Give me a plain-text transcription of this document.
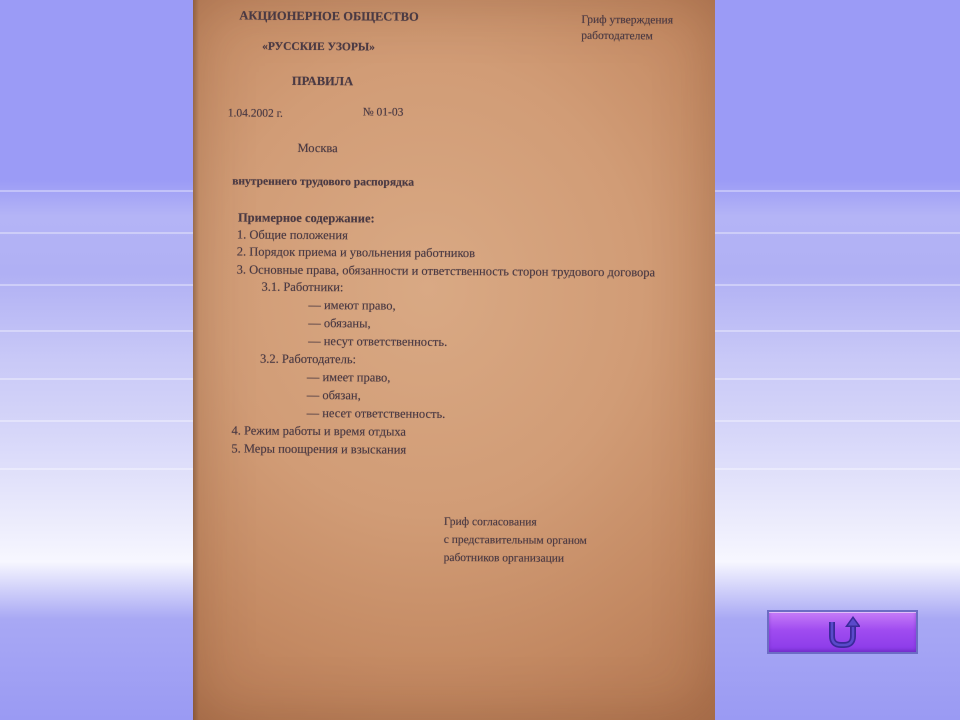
АКЦИОНЕРНОЕ ОБЩЕСТВО	Гриф утверждения
работодателем
«РУССКИЕ УЗОРЫ»
ПРАВИЛА
1.04.2002 г.	№ 01-03
Москва
внутреннего трудового распорядка
Примерное содержание:
1. Общие положения
2. Порядок приема и увольнения работников
3. Основные права, обязанности и ответственность сторон трудового договора
3.1. Работники:
— имеют право,
— обязаны,
— несут ответственность.
3.2. Работодатель:
— имеет право,
— обязан,
— несет ответственность.
4. Режим работы и время отдыха
5. Меры поощрения и взыскания
Гриф согласования
с представительным органом
работников организации
